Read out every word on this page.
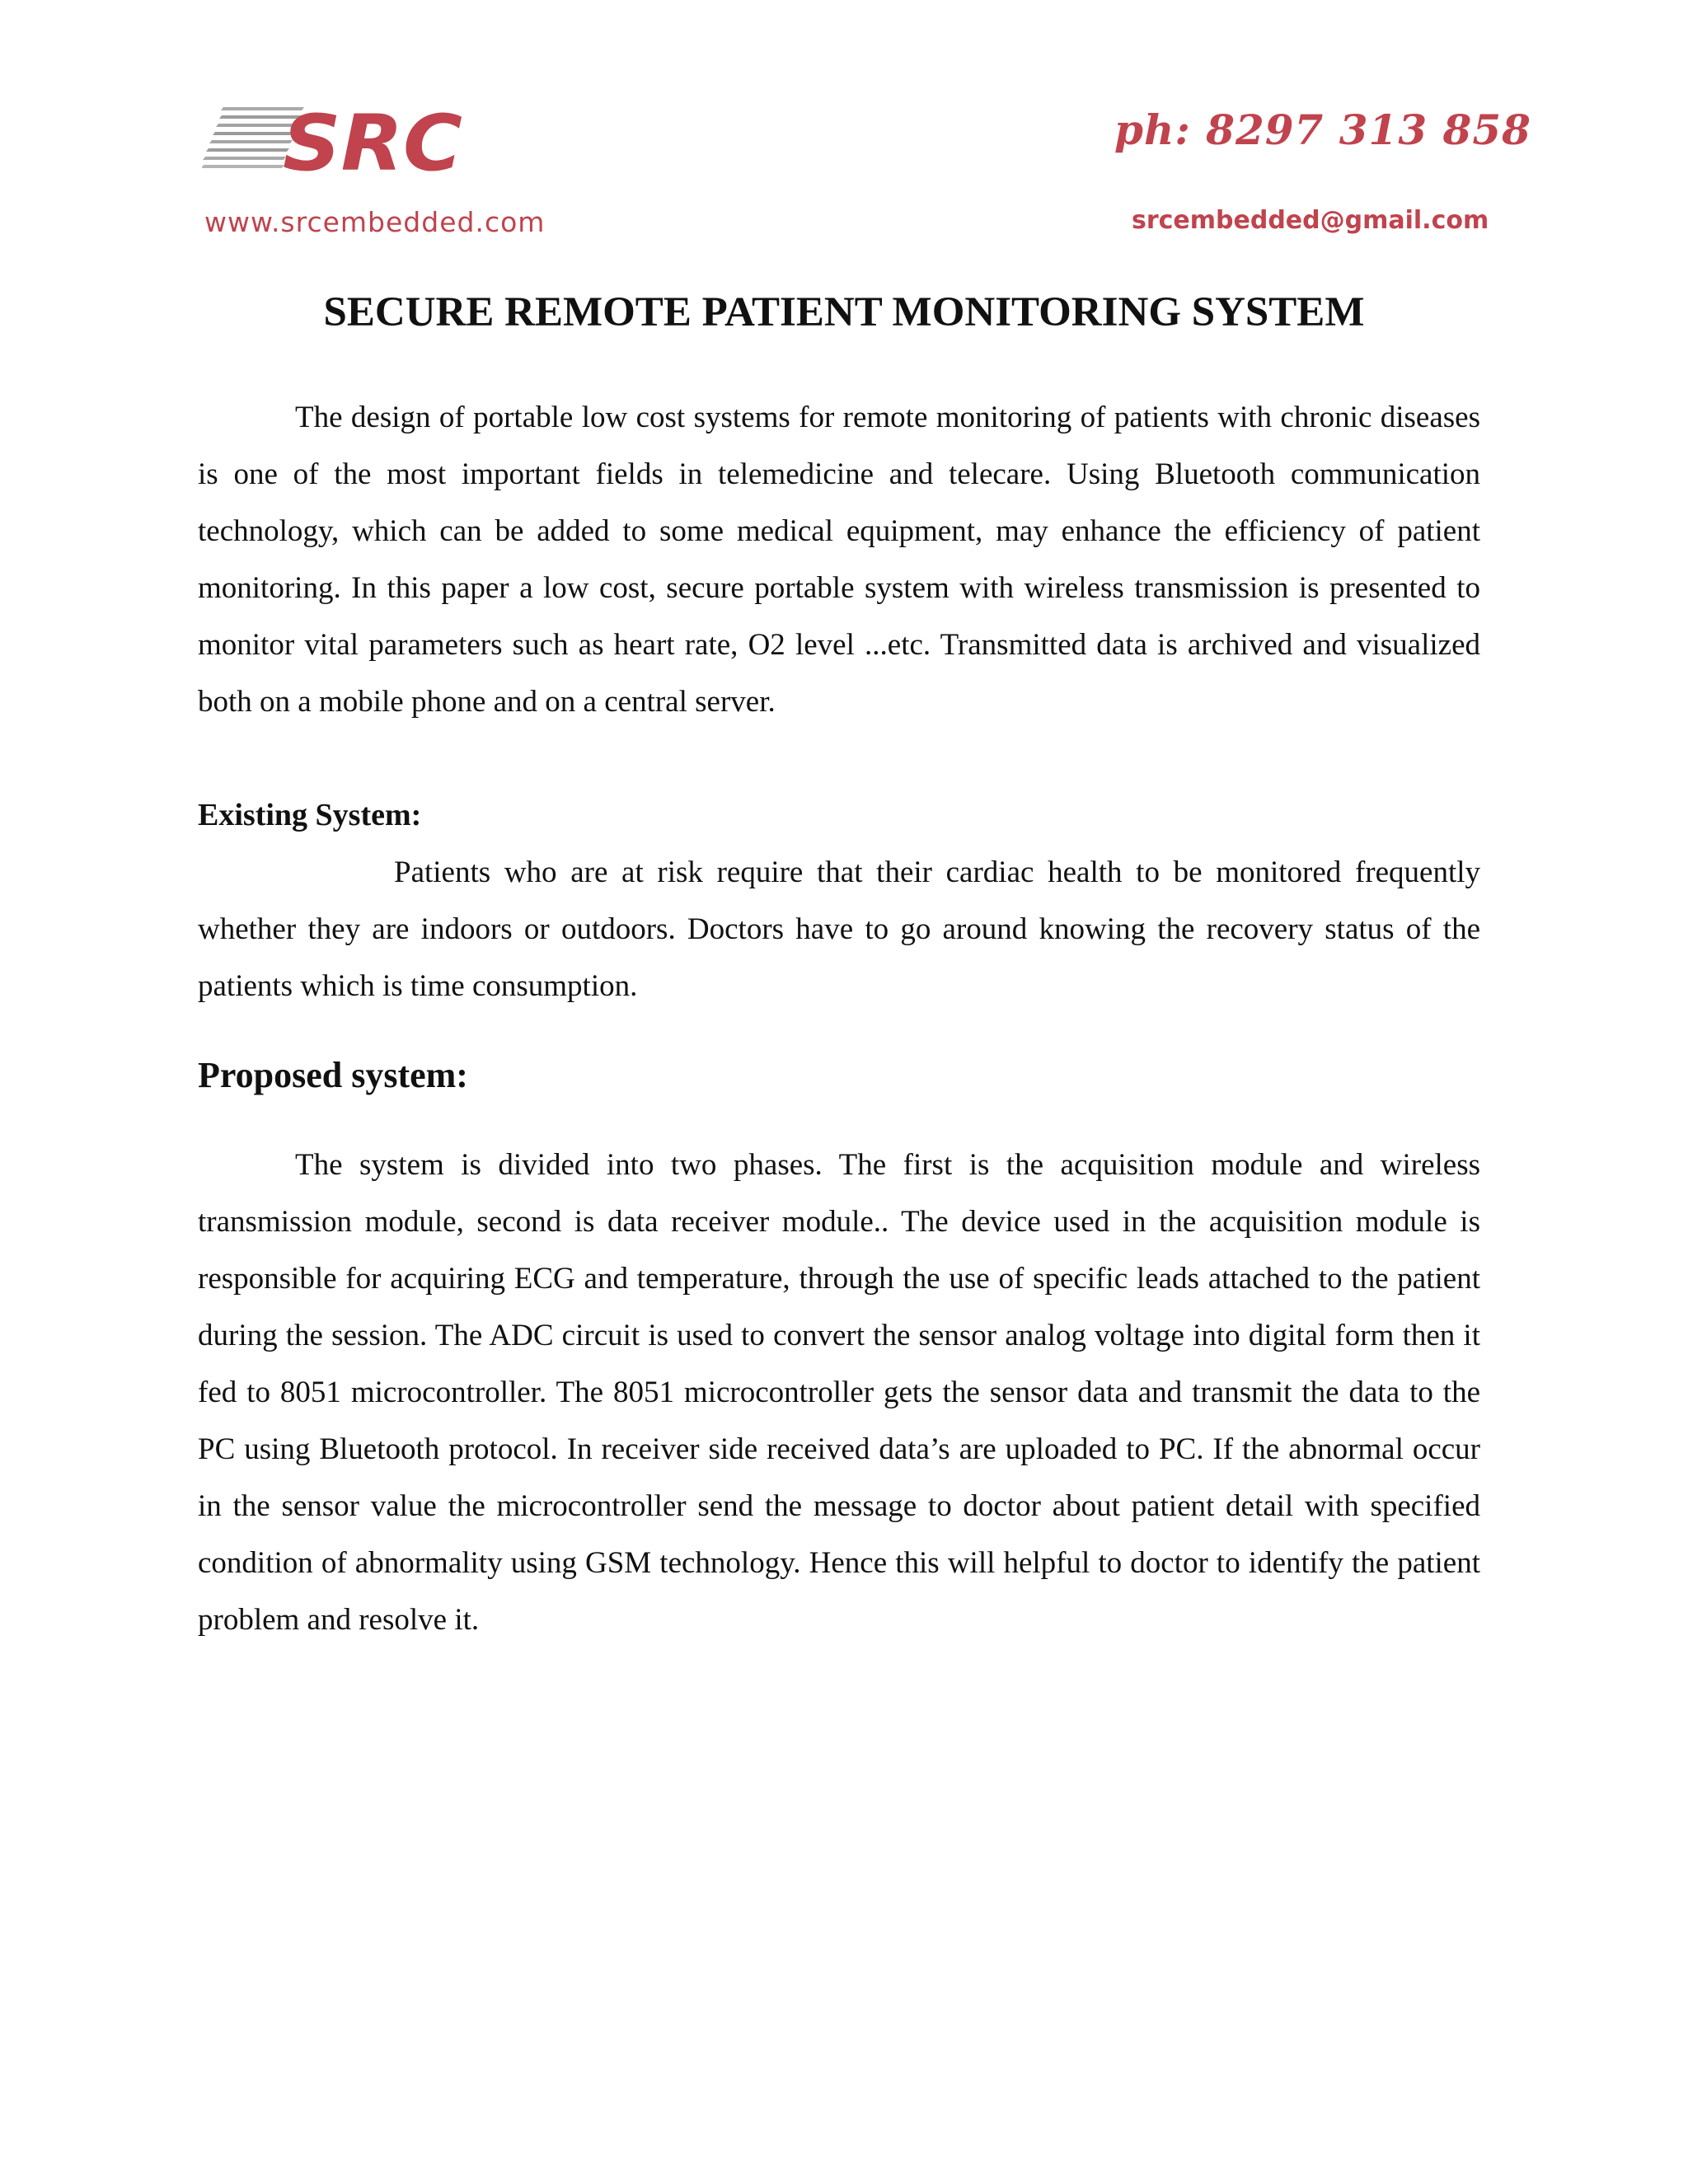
SRC
www.srcembedded.com
ph: 8297 313 858
srcembedded@gmail.com
SECURE REMOTE PATIENT MONITORING SYSTEM

The design of portable low cost systems for remote monitoring of patients with chronic diseases is one of the most important fields in telemedicine and telecare. Using Bluetooth communication technology, which can be added to some medical equipment, may enhance the efficiency of patient monitoring. In this paper a low cost, secure portable system with wireless transmission is presented to monitor vital parameters such as heart rate, O2 level ...etc. Transmitted data is archived and visualized both on a mobile phone and on a central server.

Existing System:

Patients who are at risk require that their cardiac health to be monitored frequently whether they are indoors or outdoors. Doctors have to go around knowing the recovery status of the patients which is time consumption.

Proposed system:

The system is divided into two phases. The first is the acquisition module and wireless transmission module, second is data receiver module.. The device used in the acquisition module is responsible for acquiring ECG and temperature, through the use of specific leads attached to the patient during the session. The ADC circuit is used to convert the sensor analog voltage into digital form then it fed to 8051 microcontroller. The 8051 microcontroller gets the sensor data and transmit the data to the PC using Bluetooth protocol. In receiver side received data’s are uploaded to PC. If the abnormal occur in the sensor value the microcontroller send the message to doctor about patient detail with specified condition of abnormality using GSM technology. Hence this will helpful to doctor to identify the patient problem and resolve it.
